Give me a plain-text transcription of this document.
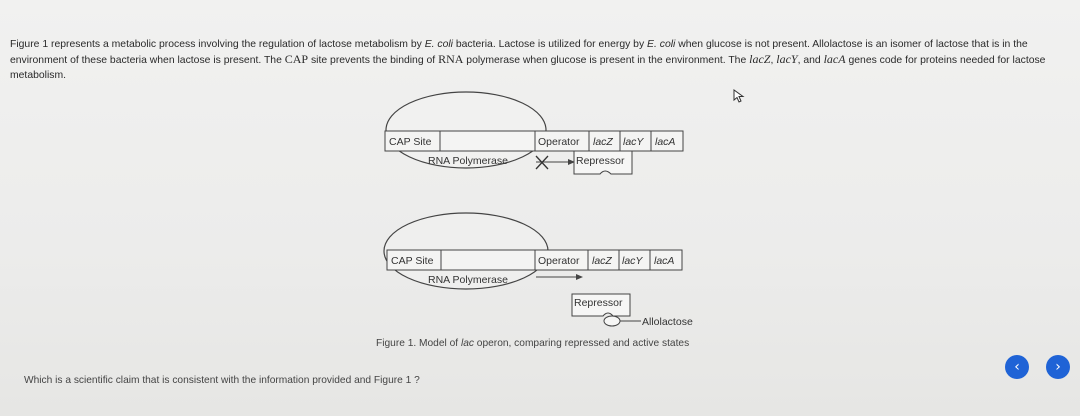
Figure 1 represents a metabolic process involving the regulation of lactose metabolism by E. coli bacteria. Lactose is utilized for energy by E. coli when glucose is not present. Allolactose is an isomer of lactose that is in the environment of these bacteria when lactose is present. The CAP site prevents the binding of RNA polymerase when glucose is present in the environment. The lacZ, lacY, and lacA genes code for proteins needed for lactose metabolism.
CAP Site	Operator lacZ lacY lacA
RNA Polymerase	Repressor
CAP Site	Operator lacZ lacY lacA
RNA Polymerase
Repressor
Allolactose
Figure 1. Model of lac operon, comparing repressed and active states
Which is a scientific claim that is consistent with the information provided and Figure 1 ?
‹	›
